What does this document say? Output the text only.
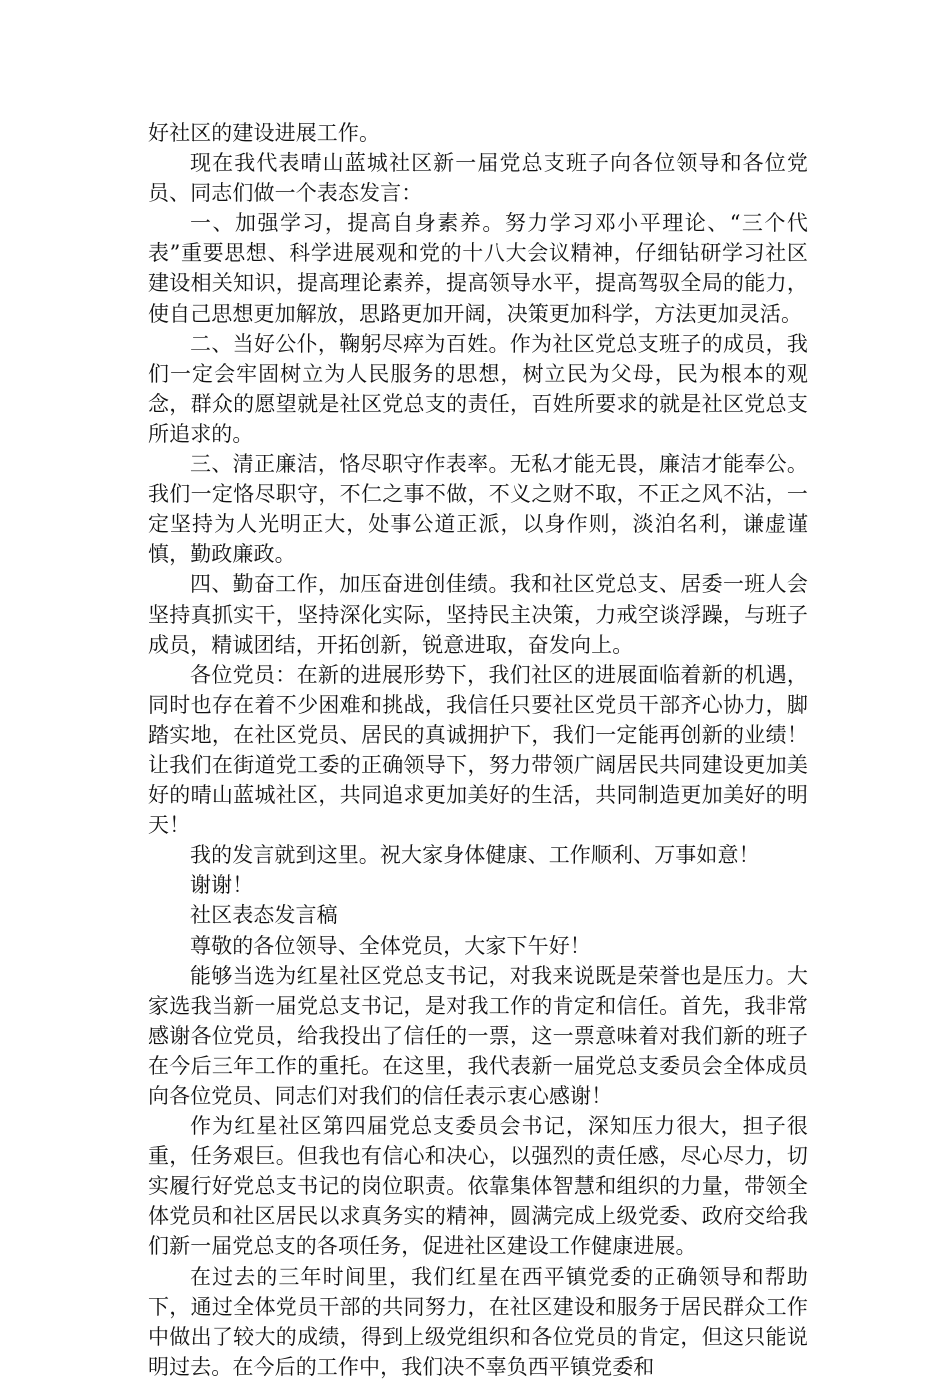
好社区的建设进展工作。

现在我代表晴山蓝城社区新一届党总支班子向各位领导和各位党员、同志们做一个表态发言：

一、加强学习，提高自身素养。努力学习邓小平理论、“三个代表”重要思想、科学进展观和党的十八大会议精神，仔细钻研学习社区建设相关知识，提高理论素养，提高领导水平，提高驾驭全局的能力，使自己思想更加解放，思路更加开阔，决策更加科学，方法更加灵活。

二、当好公仆，鞠躬尽瘁为百姓。作为社区党总支班子的成员，我们一定会牢固树立为人民服务的思想，树立民为父母，民为根本的观念，群众的愿望就是社区党总支的责任，百姓所要求的就是社区党总支所追求的。

三、清正廉洁，恪尽职守作表率。无私才能无畏，廉洁才能奉公。我们一定恪尽职守，不仁之事不做，不义之财不取，不正之风不沾，一定坚持为人光明正大，处事公道正派，以身作则，淡泊名利，谦虚谨慎，勤政廉政。

四、勤奋工作，加压奋进创佳绩。我和社区党总支、居委一班人会坚持真抓实干，坚持深化实际，坚持民主决策，力戒空谈浮躁，与班子成员，精诚团结，开拓创新，锐意进取，奋发向上。

各位党员：在新的进展形势下，我们社区的进展面临着新的机遇，同时也存在着不少困难和挑战，我信任只要社区党员干部齐心协力，脚踏实地，在社区党员、居民的真诚拥护下，我们一定能再创新的业绩！让我们在街道党工委的正确领导下，努力带领广阔居民共同建设更加美好的晴山蓝城社区，共同追求更加美好的生活，共同制造更加美好的明天！

我的发言就到这里。祝大家身体健康、工作顺利、万事如意！

谢谢！

社区表态发言稿

尊敬的各位领导、全体党员，大家下午好！

能够当选为红星社区党总支书记，对我来说既是荣誉也是压力。大家选我当新一届党总支书记，是对我工作的肯定和信任。首先，我非常感谢各位党员，给我投出了信任的一票，这一票意味着对我们新的班子在今后三年工作的重托。在这里，我代表新一届党总支委员会全体成员向各位党员、同志们对我们的信任表示衷心感谢！

作为红星社区第四届党总支委员会书记，深知压力很大，担子很重，任务艰巨。但我也有信心和决心，以强烈的责任感，尽心尽力，切实履行好党总支书记的岗位职责。依靠集体智慧和组织的力量，带领全体党员和社区居民以求真务实的精神，圆满完成上级党委、政府交给我们新一届党总支的各项任务，促进社区建设工作健康进展。

在过去的三年时间里，我们红星在西平镇党委的正确领导和帮助下，通过全体党员干部的共同努力，在社区建设和服务于居民群众工作中做出了较大的成绩，得到上级党组织和各位党员的肯定，但这只能说明过去。在今后的工作中，我们决不辜负西平镇党委和
